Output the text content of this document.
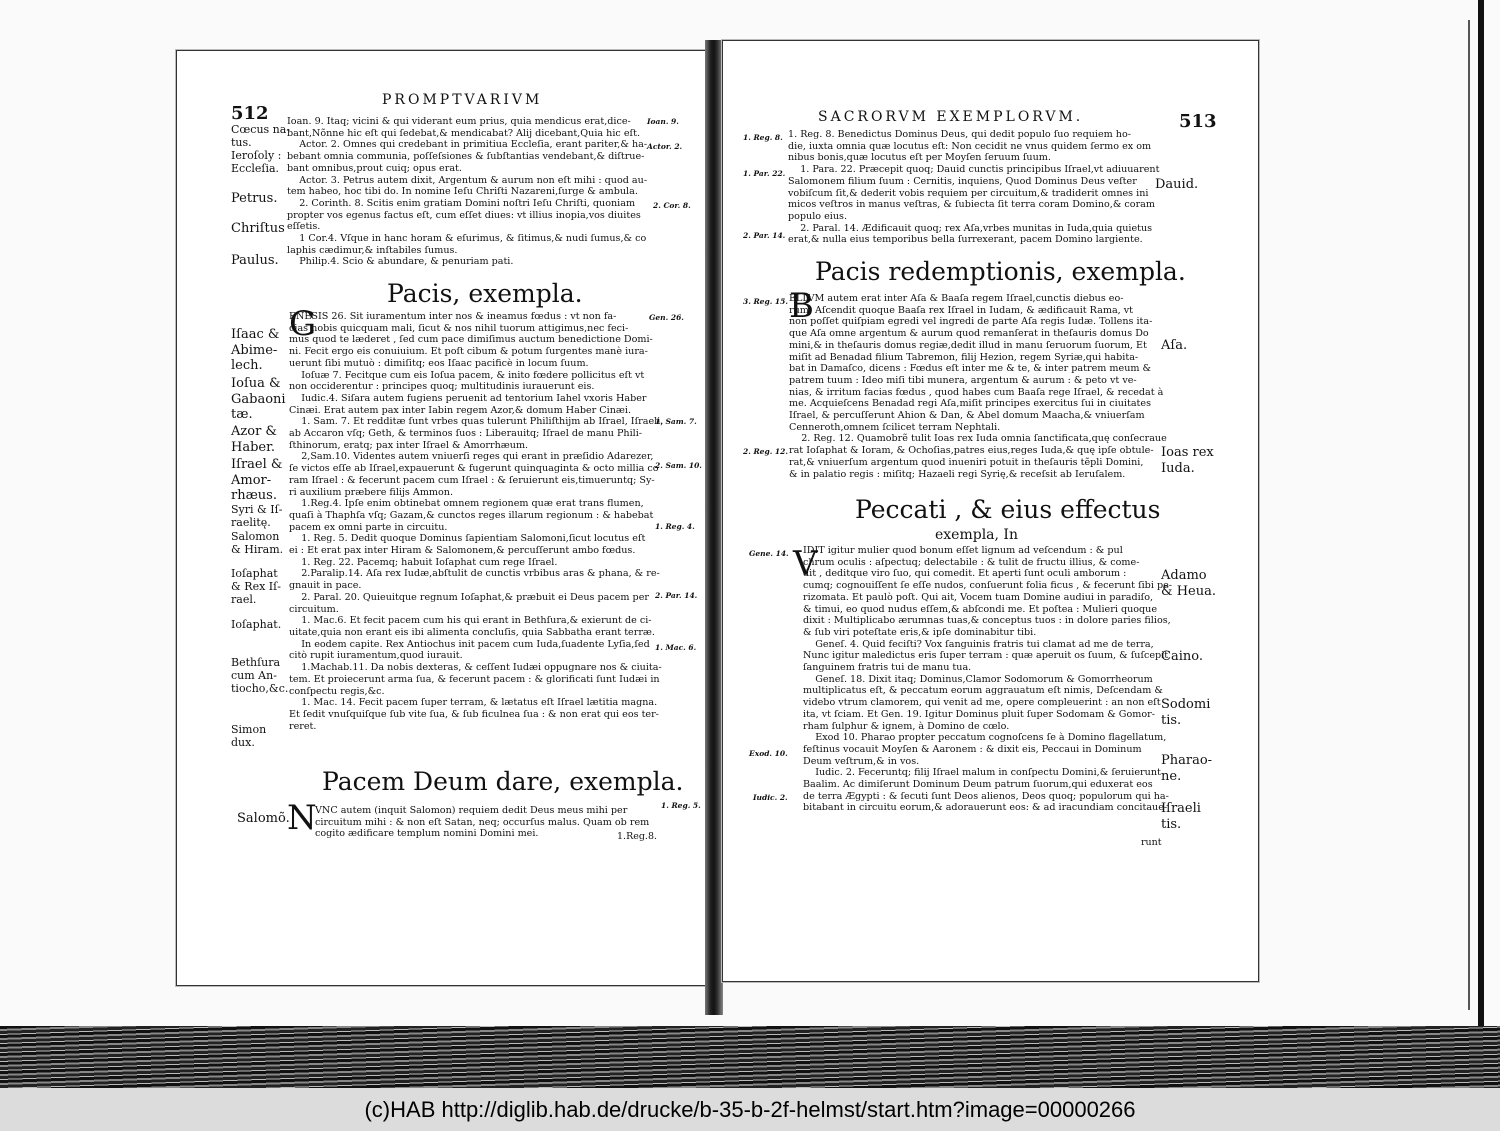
512
PROMPTVARIVM
Cœcus na-
tus.
Ieroſoly :
Eccleſia.
Petrus.
Chriſtus
Paulus.
Ioan. 9.
Actor. 2.
2. Cor. 8.
Ioan. 9. Itaq; vicini & qui viderant eum prius, quia mendicus erat,dice-
bant,Nõnne hic eſt qui ſedebat,& mendicabat? Alij dicebant,Quia hic eſt.
Actor. 2. Omnes qui credebant in primitiua Eccleſia, erant pariter,& ha-
bebant omnia communia, poſſeſsiones & ſubſtantias vendebant,& diſtrue-
bant omnibus,prout cuiq; opus erat.
Actor. 3. Petrus autem dixit, Argentum & aurum non eſt mihi : quod au-
tem habeo, hoc tibi do. In nomine Ieſu Chriſti Nazareni,ſurge & ambula.
2. Corinth. 8. Scitis enim gratiam Domini noſtri Ieſu Chriſti, quoniam
propter vos egenus factus eſt, cum eſſet diues: vt illius inopia,vos diuites
eſſetis.
1 Cor.4. Vſque in hanc horam & eſurimus, & ſitimus,& nudi ſumus,& co
laphis cædimur,& inſtabiles ſumus.
Philip.4. Scio & abundare, & penuriam pati.
Pacis, exempla.
G	Gen. 26.
Iſaac &
Abime-
lech.
Ioſua &
Gabaoni
tæ.
Azor &
Haber.
Iſrael &
Amor-
rhæus.
Syri & Iſ-
raelitę.
Salomon
& Hiram.
Ioſaphat
& Rex Iſ-
rael.
Ioſaphat.
Bethſura
cum An-
tiocho,&c.
Simon
dux.
1. Sam. 7.
2. Sam. 10.
1. Reg. 4.
2. Par. 14.
1. Mac. 6.
ENESIS 26. Sit iuramentum inter nos & ineamus fœdus : vt non fa-
cias nobis quicquam mali, ſicut & nos nihil tuorum attigimus,nec feci-
mus quod te læderet , ſed cum pace dimiſimus auctum benedictione Domi-
ni. Fecit ergo eis conuiuium. Et poſt cibum & potum ſurgentes manè iura-
uerunt ſibi mutuò : dimiſitq; eos Iſaac pacificè in locum ſuum.
Ioſuæ 7. Fecitque cum eis Ioſua pacem, & inito fœdere pollicitus eſt vt
non occiderentur : principes quoq; multitudinis iurauerunt eis.
Iudic.4. Siſara autem fugiens peruenit ad tentorium Iahel vxoris Haber
Cinæi. Erat autem pax inter Iabin regem Azor,& domum Haber Cinæi.
1. Sam. 7. Et redditæ ſunt vrbes quas tulerunt Philiſthijm ab Iſrael, Iſraeli,
ab Accaron vſq; Geth, & terminos ſuos : Liberauitq; Iſrael de manu Phili-
ſthinorum, eratq; pax inter Iſrael & Amorrhæum.
2,Sam.10. Videntes autem vniuerſi reges qui erant in præſidio Adarezer,
ſe victos eſſe ab Iſrael,expauerunt & fugerunt quinquaginta & octo millia co
ram Iſrael : & fecerunt pacem cum Iſrael : & ſeruierunt eis,timueruntq; Sy-
ri auxilium præbere filijs Ammon.
1.Reg.4. Ipſe enim obtinebat omnem regionem quæ erat trans flumen,
quaſi à Thaphſa vſq; Gazam,& cunctos reges illarum regionum : & habebat
pacem ex omni parte in circuitu.
1. Reg. 5. Dedit quoque Dominus ſapientiam Salomoni,ſicut locutus eſt
ei : Et erat pax inter Hiram & Salomonem,& percuſſerunt ambo fœdus.
1. Reg. 22. Pacemq; habuit Ioſaphat cum rege Iſrael.
2.Paralip.14. Aſa rex Iudæ,abſtulit de cunctis vrbibus aras & phana, & re-
gnauit in pace.
2. Paral. 20. Quieuitque regnum Ioſaphat,& præbuit ei Deus pacem per
circuitum.
1. Mac.6. Et fecit pacem cum his qui erant in Bethſura,& exierunt de ci-
uitate,quia non erant eis ibi alimenta concluſis, quia Sabbatha erant terræ.
In eodem capite. Rex Antiochus init pacem cum Iuda,ſuadente Lyſia,ſed
citò rupit iuramentum,quod iurauit.
1.Machab.11. Da nobis dexteras, & ceſſent Iudæi oppugnare nos & ciuita-
tem. Et proiecerunt arma ſua, & fecerunt pacem : & glorificati ſunt Iudæi in
conſpectu regis,&c.
1. Mac. 14. Fecit pacem ſuper terram, & lætatus eſt Iſrael lætitia magna.
Et ſedit vnuſquiſque ſub vite ſua, & ſub ficulnea ſua : & non erat qui eos ter-
reret.
Pacem Deum dare, exempla.
N
Salomõ.
1. Reg. 5.
VNC autem (inquit Salomon) requiem dedit Deus meus mihi per
circuitum mihi : & non eſt Satan, neq; occurſus malus. Quam ob rem
cogito ædificare templum nomini Domini mei.	1.Reg.8.
SACRORVM EXEMPLORVM.	513
1. Reg. 8.
1. Par. 22.
2. Par. 14.
Dauid.
1. Reg. 8. Benedictus Dominus Deus, qui dedit populo ſuo requiem ho-
die, iuxta omnia quæ locutus eſt: Non cecidit ne vnus quidem ſermo ex om
nibus bonis,quæ locutus eſt per Moyſen ſeruum ſuum.
1. Para. 22. Præcepit quoq; Dauid cunctis principibus Iſrael,vt adiuuarent
Salomonem filium ſuum : Cernitis, inquiens, Quod Dominus Deus veſter
vobiſcum ſit,& dederit vobis requiem per circuitum,& tradiderit omnes ini
micos veſtros in manus veſtras, & ſubiecta ſit terra coram Domino,& coram
populo eius.
2. Paral. 14. Ædificauit quoq; rex Aſa,vrbes munitas in Iuda,quia quietus
erat,& nulla eius temporibus bella ſurrexerant, pacem Domino largiente.
Pacis redemptionis, exempla.
B
3. Reg. 15.
Aſa.
2. Reg. 12.	Ioas rex
Iuda.
ELLVM autem erat inter Aſa & Baaſa regem Iſrael,cunctis diebus eo-
rum. Aſcendit quoque Baaſa rex Iſrael in Iudam, & ædificauit Rama, vt
non poſſet quiſpiam egredi vel ingredi de parte Aſa regis Iudæ. Tollens ita-
que Aſa omne argentum & aurum quod remanſerat in theſauris domus Do
mini,& in theſauris domus regiæ,dedit illud in manu ſeruorum ſuorum, Et
miſit ad Benadad filium Tabremon, filij Hezion, regem Syriæ,qui habita-
bat in Damaſco, dicens : Fœdus eſt inter me & te, & inter patrem meum &
patrem tuum : Ideo miſi tibi munera, argentum & aurum : & peto vt ve-
nias, & irritum facias fœdus , quod habes cum Baaſa rege Iſrael, & recedat à
me. Acquieſcens Benadad regi Aſa,miſit principes exercitus ſui in ciuitates
Iſrael, & percuſſerunt Ahion & Dan, & Abel domum Maacha,& vniuerſam
Cenneroth,omnem ſcilicet terram Nephtali.
2. Reg. 12. Quamobrẽ tulit Ioas rex Iuda omnia ſanctificata,quę conſecraue
rat Ioſaphat & Ioram, & Ochoſias,patres eius,reges Iuda,& quę ipſe obtule-
rat,& vniuerſum argentum quod inueniri potuit in theſauris tẽpli Domini,
& in palatio regis : miſitq; Hazaeli regi Syrię,& receſsit ab Ieruſalem.
Peccati , & eius effectus
exempla, In
V
Gene. 14.
Adamo
& Heua.
Caino.
Sodomi
tis.
Exod. 10.	Pharao-
ne.
Iudic. 2.
Iſraeli
tis.
IDIT igitur mulier quod bonum eſſet lignum ad veſcendum : & pul
chrum oculis : aſpectuq; delectabile : & tulit de fructu illius, & come-
dit , deditque viro ſuo, qui comedit. Et aperti ſunt oculi amborum :
cumq; cognouiſſent ſe eſſe nudos, conſuerunt folia ficus , & fecerunt ſibi pe-
rizomata. Et paulò poſt. Qui ait, Vocem tuam Domine audiui in paradiſo,
& timui, eo quod nudus eſſem,& abſcondi me. Et poſtea : Mulieri quoque
dixit : Multiplicabo ærumnas tuas,& conceptus tuos : in dolore paries filios,
& ſub viri poteſtate eris,& ipſe dominabitur tibi.
Geneſ. 4. Quid feciſti? Vox ſanguinis fratris tui clamat ad me de terra,
Nunc igitur maledictus eris ſuper terram : quæ aperuit os ſuum, & ſuſcepit
ſanguinem fratris tui de manu tua.
Geneſ. 18. Dixit itaq; Dominus,Clamor Sodomorum & Gomorrheorum
multiplicatus eſt, & peccatum eorum aggrauatum eſt nimis, Deſcendam &
videbo vtrum clamorem, qui venit ad me, opere compleuerint : an non eſt
ita, vt ſciam. Et Gen. 19. Igitur Dominus pluit ſuper Sodomam & Gomor-
rham ſulphur & ignem, à Domino de cœlo.
Exod 10. Pharao propter peccatum cognoſcens ſe à Domino flagellatum,
feſtinus vocauit Moyſen & Aaronem : & dixit eis, Peccaui in Dominum
Deum veſtrum,& in vos.
Iudic. 2. Feceruntq; filij Iſrael malum in conſpectu Domini,& ſeruierunt
Baalim. Ac dimiſerunt Dominum Deum patrum ſuorum,qui eduxerat eos
de terra Ægypti : & ſecuti ſunt Deos alienos, Deos quoq; populorum qui ha-
bitabant in circuitu eorum,& adorauerunt eos: & ad iracundiam concitaue-
runt
(c)HAB http://diglib.hab.de/drucke/b-35-b-2f-helmst/start.htm?image=00000266
